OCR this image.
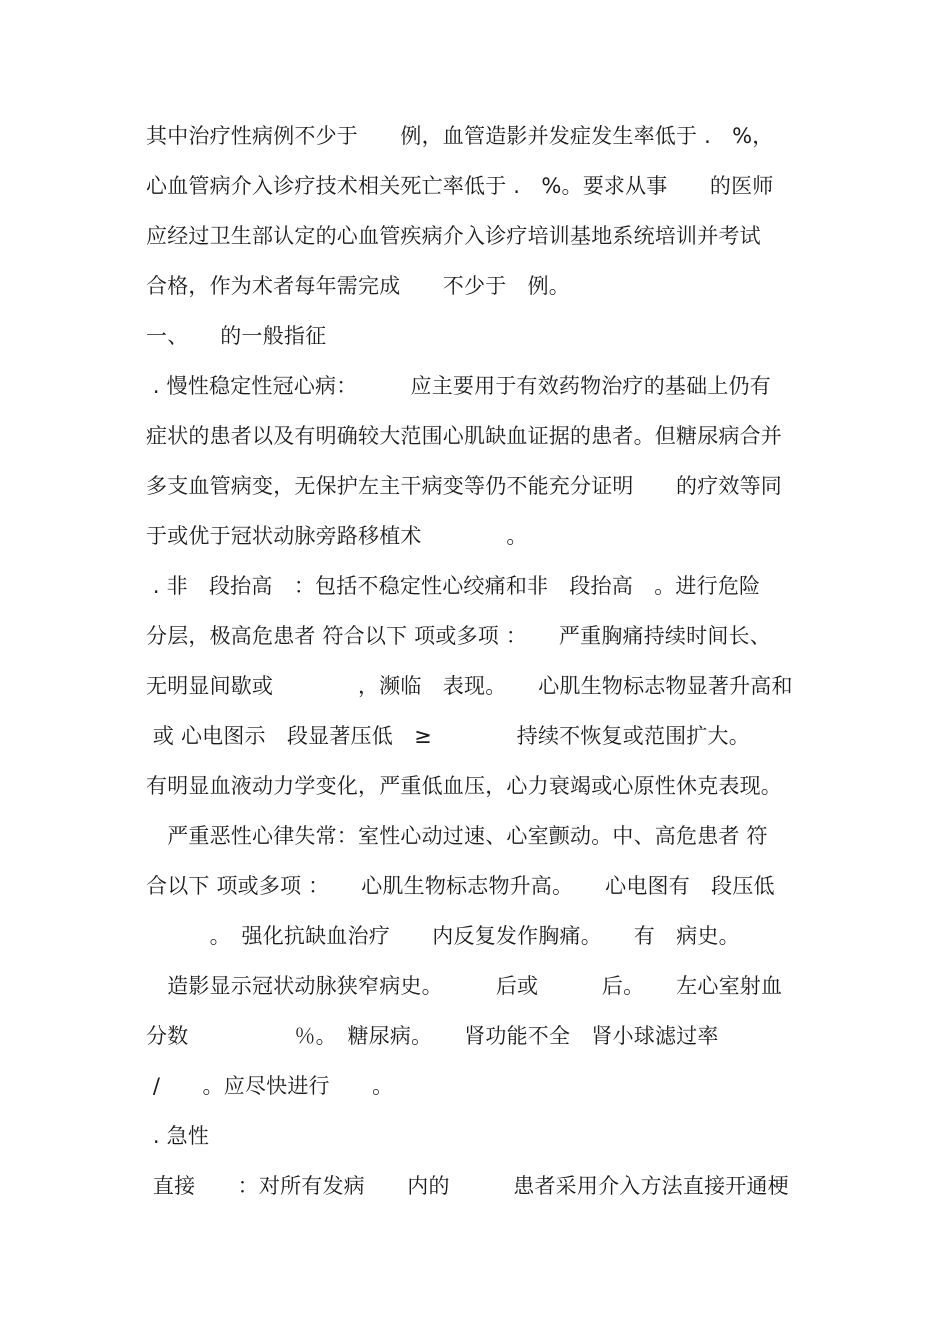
其中治疗性病例不少于　　例，血管造影并发症发生率低于 .　%，
心血管病介入诊疗技术相关死亡率低于 .　%。要求从事　　的医师
应经过卫生部认定的心血管疾病介入诊疗培训基地系统培训并考试
合格，作为术者每年需完成　　不少于　例。
一、　　的一般指征
. 慢性稳定性冠心病：　　　应主要用于有效药物治疗的基础上仍有
症状的患者以及有明确较大范围心肌缺血证据的患者。但糖尿病合并
多支血管病变，无保护左主干病变等仍不能充分证明　　的疗效等同
于或优于冠状动脉旁路移植术　　　　。
. 非　段抬高　：包括不稳定性心绞痛和非　段抬高　。进行危险
分层，极高危患者 符合以下 项或多项 ：　　严重胸痛持续时间长、
无明显间歇或　　　　，濒临　表现。　　心肌生物标志物显著升高和
或 心电图示　段显著压低　≥　　　　持续不恢复或范围扩大。
有明显血液动力学变化，严重低血压，心力衰竭或心原性休克表现。
　严重恶性心律失常：室性心动过速、心室颤动。中、高危患者 符
合以下 项或多项 ：　　心肌生物标志物升高。　　心电图有　段压低
　　　。　强化抗缺血治疗　　内反复发作胸痛。　　有　病史。
　造影显示冠状动脉狭窄病史。　　　后或　　　后。　　左心室射血
分数　　　　　％。　糖尿病。　　肾功能不全　肾小球滤过率
/　　。应尽快进行　　。
. 急性
直接　　：对所有发病　　内的　　　患者采用介入方法直接开通梗
